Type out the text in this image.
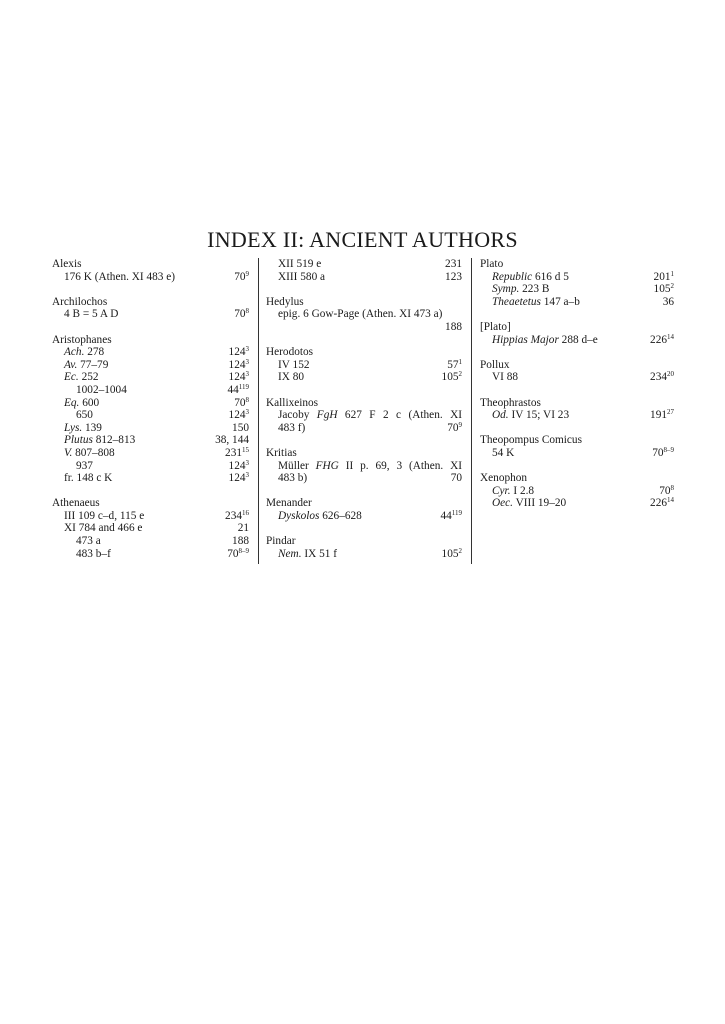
INDEX II: ANCIENT AUTHORS
Alexis
176 K (Athen. XI 483 e)	$70^9$
Archilochos
4 B = 5 A D	$70^8$
Aristophanes
Ach. 278	$124^3$
Av. 77–79	$124^3$
Ec. 252	$124^3$
1002–1004	$44^{119}$
Eq. 600	$70^8$
650	$124^3$
Lys. 139	150
Plutus 812–813	38, 144
V. 807–808	$231^{15}$
937	$124^3$
fr. 148 c K	$124^3$
Athenaeus
III 109 c–d, 115 e	$234^{16}$
XI 784 and 466 e	21
473 a	188
483 b–f	70$^{8-9}$
XII 519 e	231
XIII 580 a	123
Hedylus
epig. 6 Gow-Page (Athen. XI 473 a)
188
Herodotos
IV 152	$57^1$
IX 80	$105^2$
Kallixeinos
Jacoby FgH 627 F 2 c (Athen. XI
483 f)	$70^9$
Kritias
Müller FHG II p. 69, 3 (Athen. XI
483 b)	70
Menander
Dyskolos 626–628	$44^{119}$
Pindar
Nem. IX 51 f	$105^2$
Plato
Republic 616 d 5	$201^1$
Symp. 223 B	$105^2$
Theaetetus 147 a–b	36
[Plato]
Hippias Major 288 d–e	$226^{14}$
Pollux
VI 88	$234^{20}$
Theophrastos
Od. IV 15; VI 23	$191^{27}$
Theopompus Comicus
54 K	70$^{8-9}$
Xenophon
Cyr. I 2.8	$70^8$
Oec. VIII 19–20	$226^{14}$
